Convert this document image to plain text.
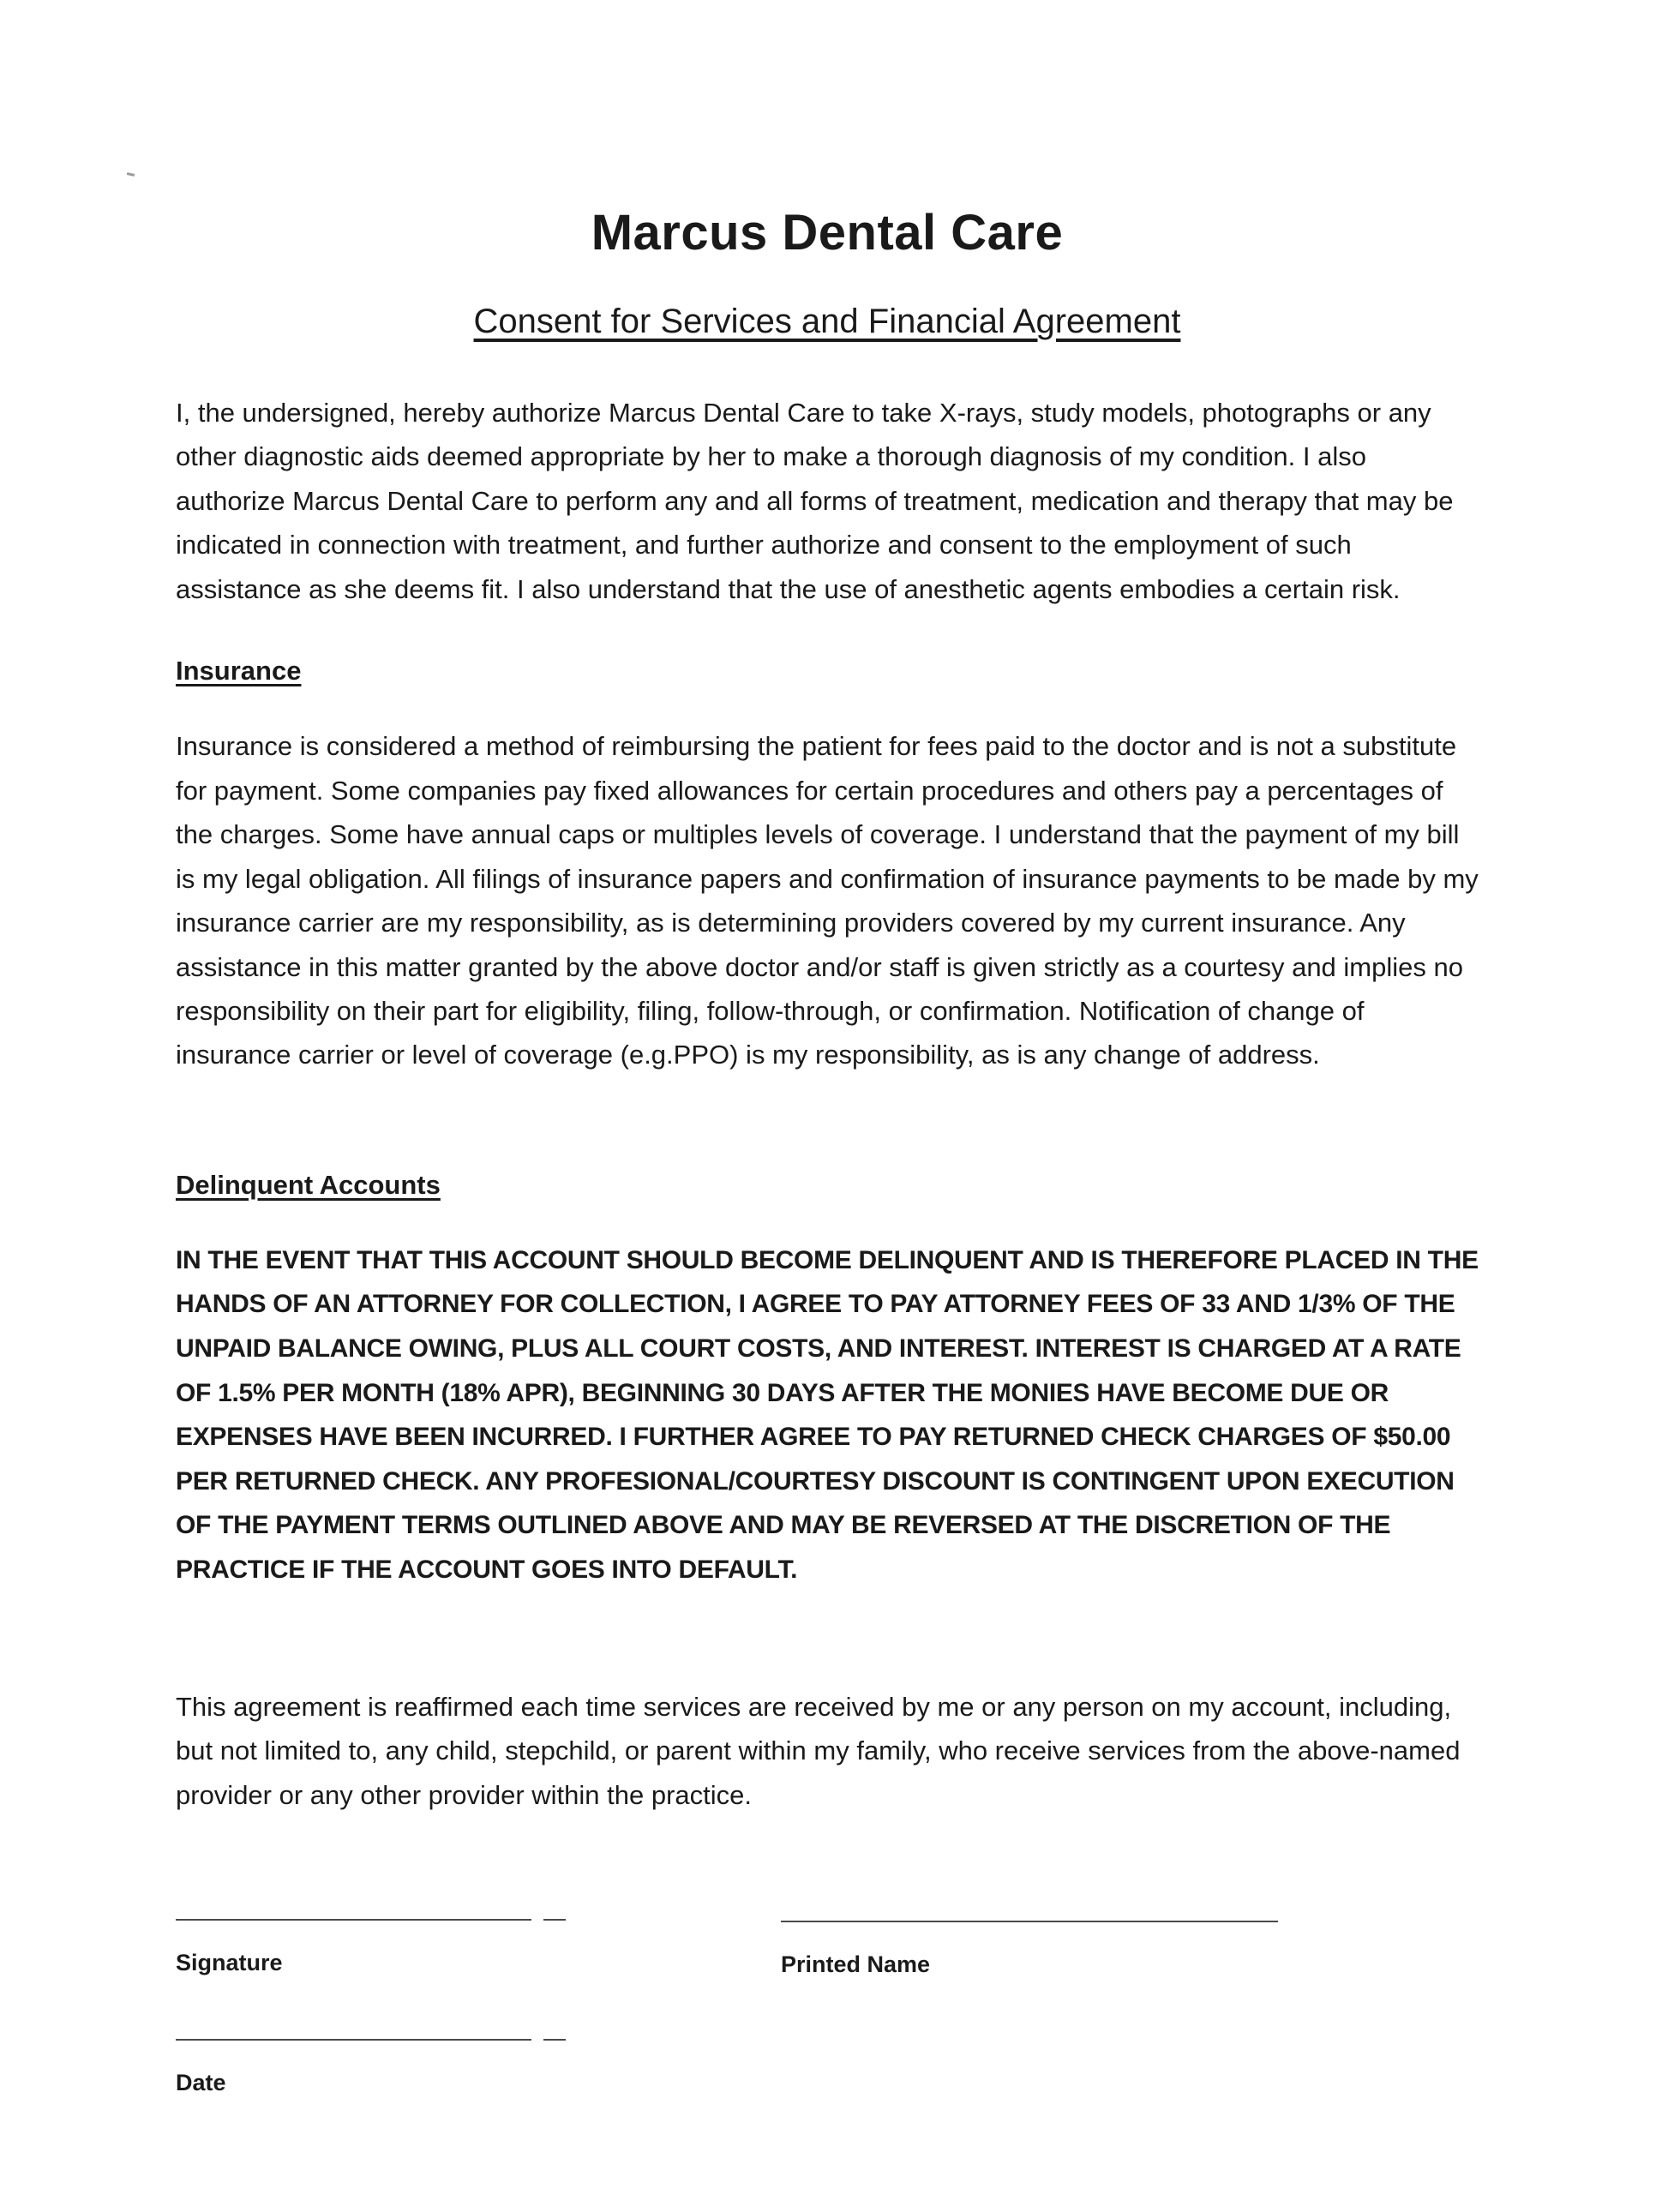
Marcus Dental Care
Consent for Services and Financial Agreement

I, the undersigned, hereby authorize Marcus Dental Care to take X-rays, study models, photographs or any other diagnostic aids deemed appropriate by her to make a thorough diagnosis of my condition. I also authorize Marcus Dental Care to perform any and all forms of treatment, medication and therapy that may be indicated in connection with treatment, and further authorize and consent to the employment of such assistance as she deems fit. I also understand that the use of anesthetic agents embodies a certain risk.

Insurance

Insurance is considered a method of reimbursing the patient for fees paid to the doctor and is not a substitute for payment. Some companies pay fixed allowances for certain procedures and others pay a percentages of the charges. Some have annual caps or multiples levels of coverage. I understand that the payment of my bill is my legal obligation. All filings of insurance papers and confirmation of insurance payments to be made by my insurance carrier are my responsibility, as is determining providers covered by my current insurance. Any assistance in this matter granted by the above doctor and/or staff is given strictly as a courtesy and implies no responsibility on their part for eligibility, filing, follow-through, or confirmation. Notification of change of insurance carrier or level of coverage (e.g.PPO) is my responsibility, as is any change of address.

Delinquent Accounts

IN THE EVENT THAT THIS ACCOUNT SHOULD BECOME DELINQUENT AND IS THEREFORE PLACED IN THE HANDS OF AN ATTORNEY FOR COLLECTION, I AGREE TO PAY ATTORNEY FEES OF 33 AND 1/3% OF THE UNPAID BALANCE OWING, PLUS ALL COURT COSTS, AND INTEREST. INTEREST IS CHARGED AT A RATE OF 1.5% PER MONTH (18% APR), BEGINNING 30 DAYS AFTER THE MONIES HAVE BECOME DUE OR EXPENSES HAVE BEEN INCURRED. I FURTHER AGREE TO PAY RETURNED CHECK CHARGES OF $50.00 PER RETURNED CHECK. ANY PROFESIONAL/COURTESY DISCOUNT IS CONTINGENT UPON EXECUTION OF THE PAYMENT TERMS OUTLINED ABOVE AND MAY BE REVERSED AT THE DISCRETION OF THE PRACTICE IF THE ACCOUNT GOES INTO DEFAULT.

This agreement is reaffirmed each time services are received by me or any person on my account, including, but not limited to, any child, stepchild, or parent within my family, who receive services from the above-named provider or any other provider within the practice.

Signature	Printed Name
Date
